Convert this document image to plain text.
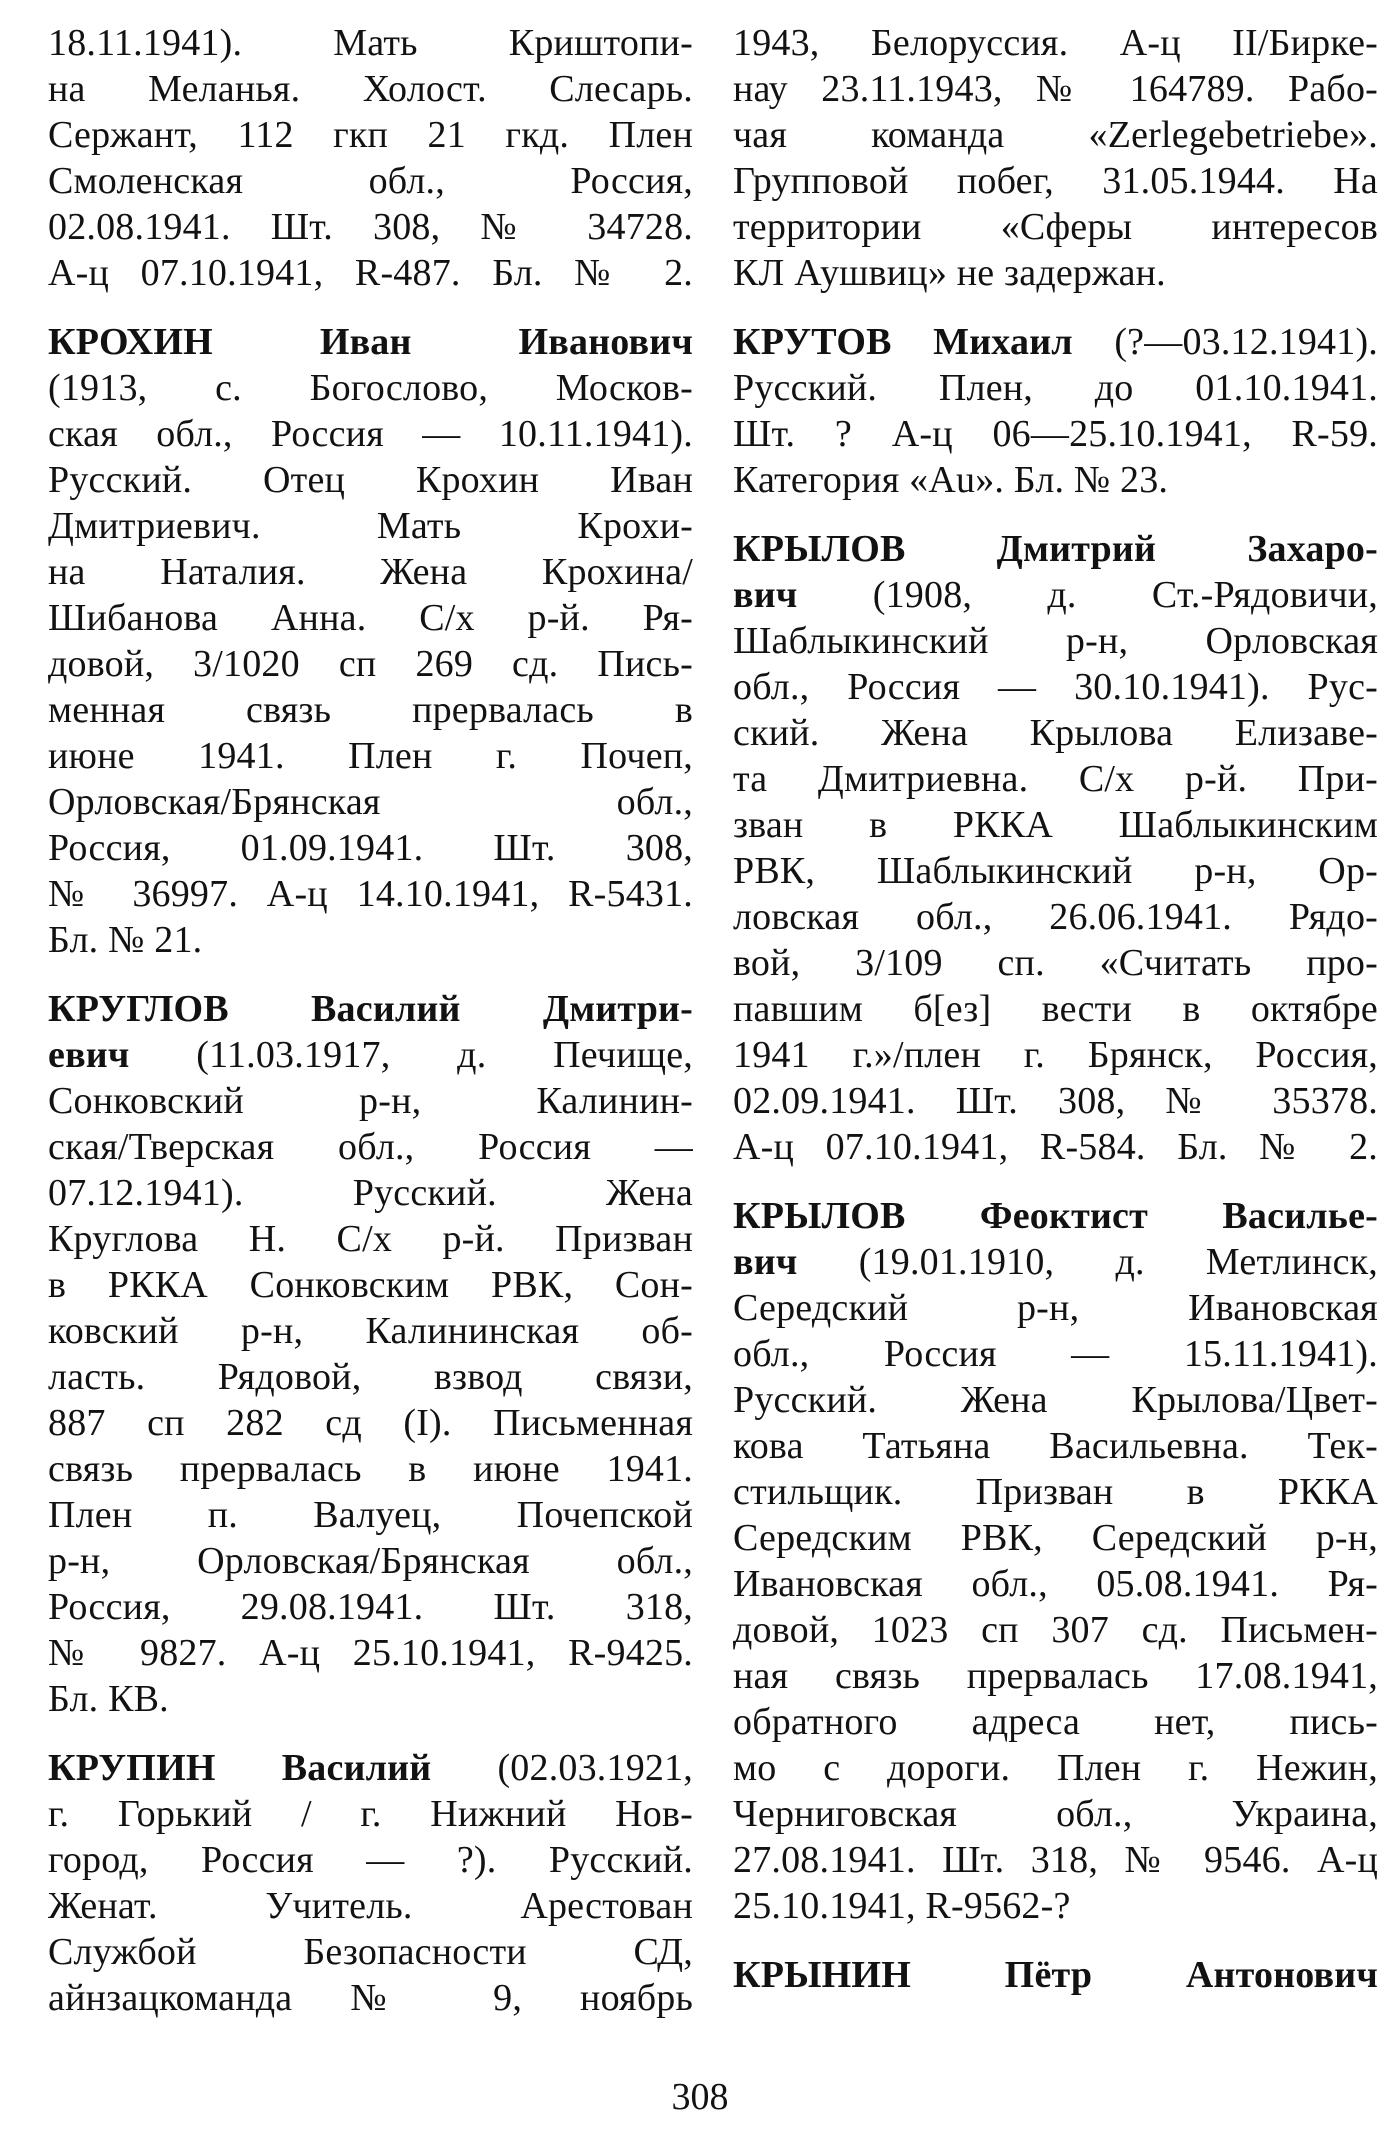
18.11.1941). Мать Криштопи-
на Меланья. Холост. Слесарь.
Сержант, 112 гкп 21 гкд. Плен
Смоленская обл., Россия,
02.08.1941. Шт. 308, № 34728.
А-ц 07.10.1941, R-487. Бл. № 2.
КРОХИН Иван Иванович
(1913, с. Богослово, Москов-
ская обл., Россия — 10.11.1941).
Русский. Отец Крохин Иван
Дмитриевич. Мать Крохи-
на Наталия. Жена Крохина/
Шибанова Анна. С/х р-й. Ря-
довой, 3/1020 сп 269 сд. Пись-
менная связь прервалась в
июне 1941. Плен г. Почеп,
Орловская/Брянская обл.,
Россия, 01.09.1941. Шт. 308,
№ 36997. А-ц 14.10.1941, R-5431.
Бл. № 21.
КРУГЛОВ Василий Дмитри-
евич (11.03.1917, д. Печище,
Сонковский р-н, Калинин-
ская/Тверская обл., Россия —
07.12.1941). Русский. Жена
Круглова Н. С/х р-й. Призван
в РККА Сонковским РВК, Сон-
ковский р-н, Калининская об-
ласть. Рядовой, взвод связи,
887 сп 282 сд (I). Письменная
связь прервалась в июне 1941.
Плен п. Валуец, Почепской
р-н, Орловская/Брянская обл.,
Россия, 29.08.1941. Шт. 318,
№ 9827. А-ц 25.10.1941, R-9425.
Бл. КВ.
КРУПИН Василий (02.03.1921,
г. Горький / г. Нижний Нов-
город, Россия — ?). Русский.
Женат. Учитель. Арестован
Службой Безопасности СД,
айнзацкоманда № 9, ноябрь
1943, Белоруссия. А-ц II/Бирке-
нау 23.11.1943, № 164789. Рабо-
чая команда «Zerlegebetriebe».
Групповой побег, 31.05.1944. На
территории «Сферы интересов
КЛ Аушвиц» не задержан.
КРУТОВ Михаил (?—03.12.1941).
Русский. Плен, до 01.10.1941.
Шт. ? А-ц 06—25.10.1941, R-59.
Категория «Au». Бл. № 23.
КРЫЛОВ Дмитрий Захаро-
вич (1908, д. Ст.-Рядовичи,
Шаблыкинский р-н, Орловская
обл., Россия — 30.10.1941). Рус-
ский. Жена Крылова Елизаве-
та Дмитриевна. С/х р-й. При-
зван в РККА Шаблыкинским
РВК, Шаблыкинский р-н, Ор-
ловская обл., 26.06.1941. Рядо-
вой, 3/109 сп. «Считать про-
павшим б[ез] вести в октябре
1941 г.»/плен г. Брянск, Россия,
02.09.1941. Шт. 308, № 35378.
А-ц 07.10.1941, R-584. Бл. № 2.
КРЫЛОВ Феоктист Василье-
вич (19.01.1910, д. Метлинск,
Середский р-н, Ивановская
обл., Россия — 15.11.1941).
Русский. Жена Крылова/Цвет-
кова Татьяна Васильевна. Тек-
стильщик. Призван в РККА
Середским РВК, Середский р-н,
Ивановская обл., 05.08.1941. Ря-
довой, 1023 сп 307 сд. Письмен-
ная связь прервалась 17.08.1941,
обратного адреса нет, пись-
мо с дороги. Плен г. Нежин,
Черниговская обл., Украина,
27.08.1941. Шт. 318, № 9546. А-ц
25.10.1941, R-9562-?
КРЫНИН Пётр Антонович
308
